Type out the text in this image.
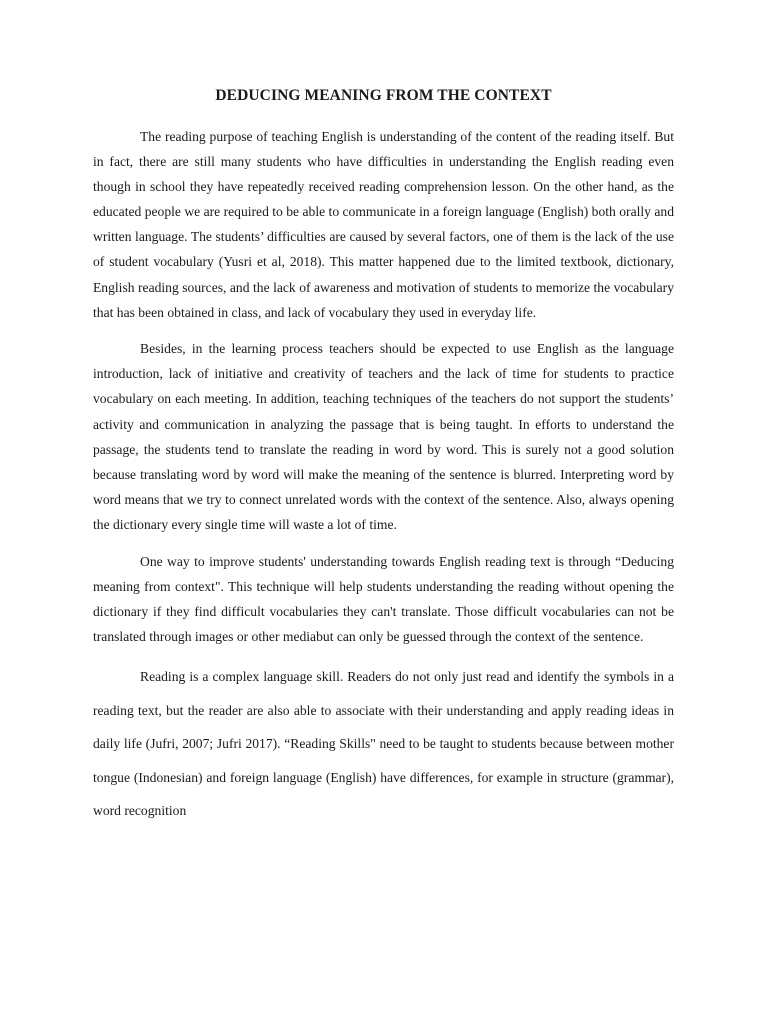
DEDUCING MEANING FROM THE CONTEXT

The reading purpose of teaching English is understanding of the content of the reading itself. But in fact, there are still many students who have difficulties in understanding the English reading even though in school they have repeatedly received reading comprehension lesson. On the other hand, as the educated people we are required to be able to communicate in a foreign language (English) both orally and written language. The students’ difficulties are caused by several factors, one of them is the lack of the use of student vocabulary (Yusri et al, 2018). This matter happened due to the limited textbook, dictionary, English reading sources, and the lack of awareness and motivation of students to memorize the vocabulary that has been obtained in class, and lack of vocabulary they used in everyday life.

Besides, in the learning process teachers should be expected to use English as the language introduction, lack of initiative and creativity of teachers and the lack of time for students to practice vocabulary on each meeting. In addition, teaching techniques of the teachers do not support the students’ activity and communication in analyzing the passage that is being taught. In efforts to understand the passage, the students tend to translate the reading in word by word. This is surely not a good solution because translating word by word will make the meaning of the sentence is blurred. Interpreting word by word means that we try to connect unrelated words with the context of the sentence. Also, always opening the dictionary every single time will waste a lot of time.

One way to improve students' understanding towards English reading text is through “Deducing meaning from context". This technique will help students understanding the reading without opening the dictionary if they find difficult vocabularies they can't translate. Those difficult vocabularies can not be translated through images or other mediabut can only be guessed through the context of the sentence.

Reading is a complex language skill. Readers do not only just read and identify the symbols in a reading text, but the reader are also able to associate with their understanding and apply reading ideas in daily life (Jufri, 2007; Jufri 2017). “Reading Skills" need to be taught to students because between mother tongue (Indonesian) and foreign language (English) have differences, for example in structure (grammar), word recognition
